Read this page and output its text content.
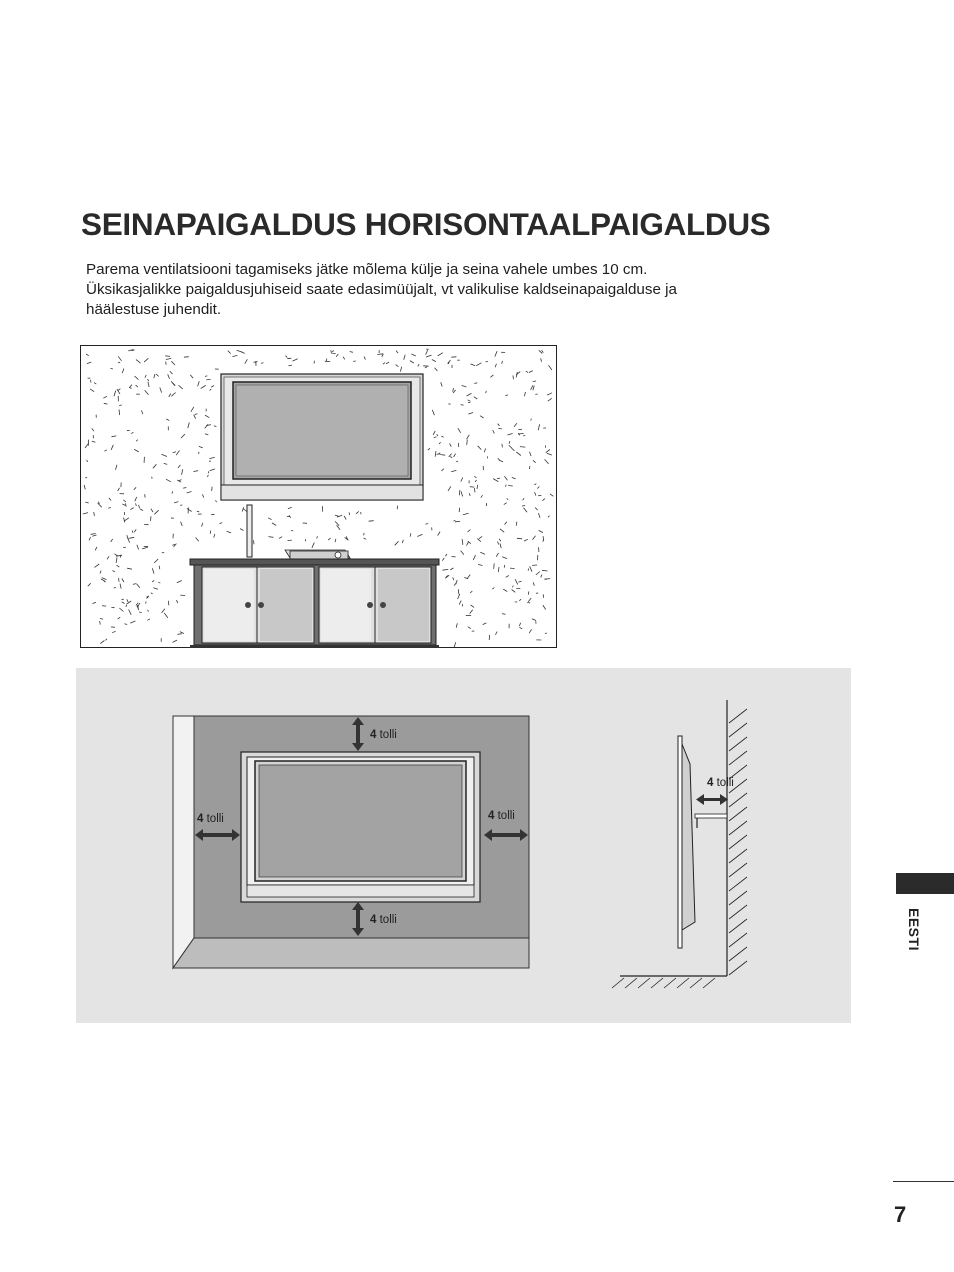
SEINAPAIGALDUS HORISONTAALPAIGALDUS

Parema ventilatsiooni tagamiseks jätke mõlema külje ja seina vahele umbes 10 cm.

Üksikasjalikke paigaldusjuhiseid saate edasimüüjalt, vt valikulise kaldseinapaigalduse ja

häälestuse juhendit.

4 tolli
4 tolli
4 tolli	4 tolli
4 tolli
EESTI
7
